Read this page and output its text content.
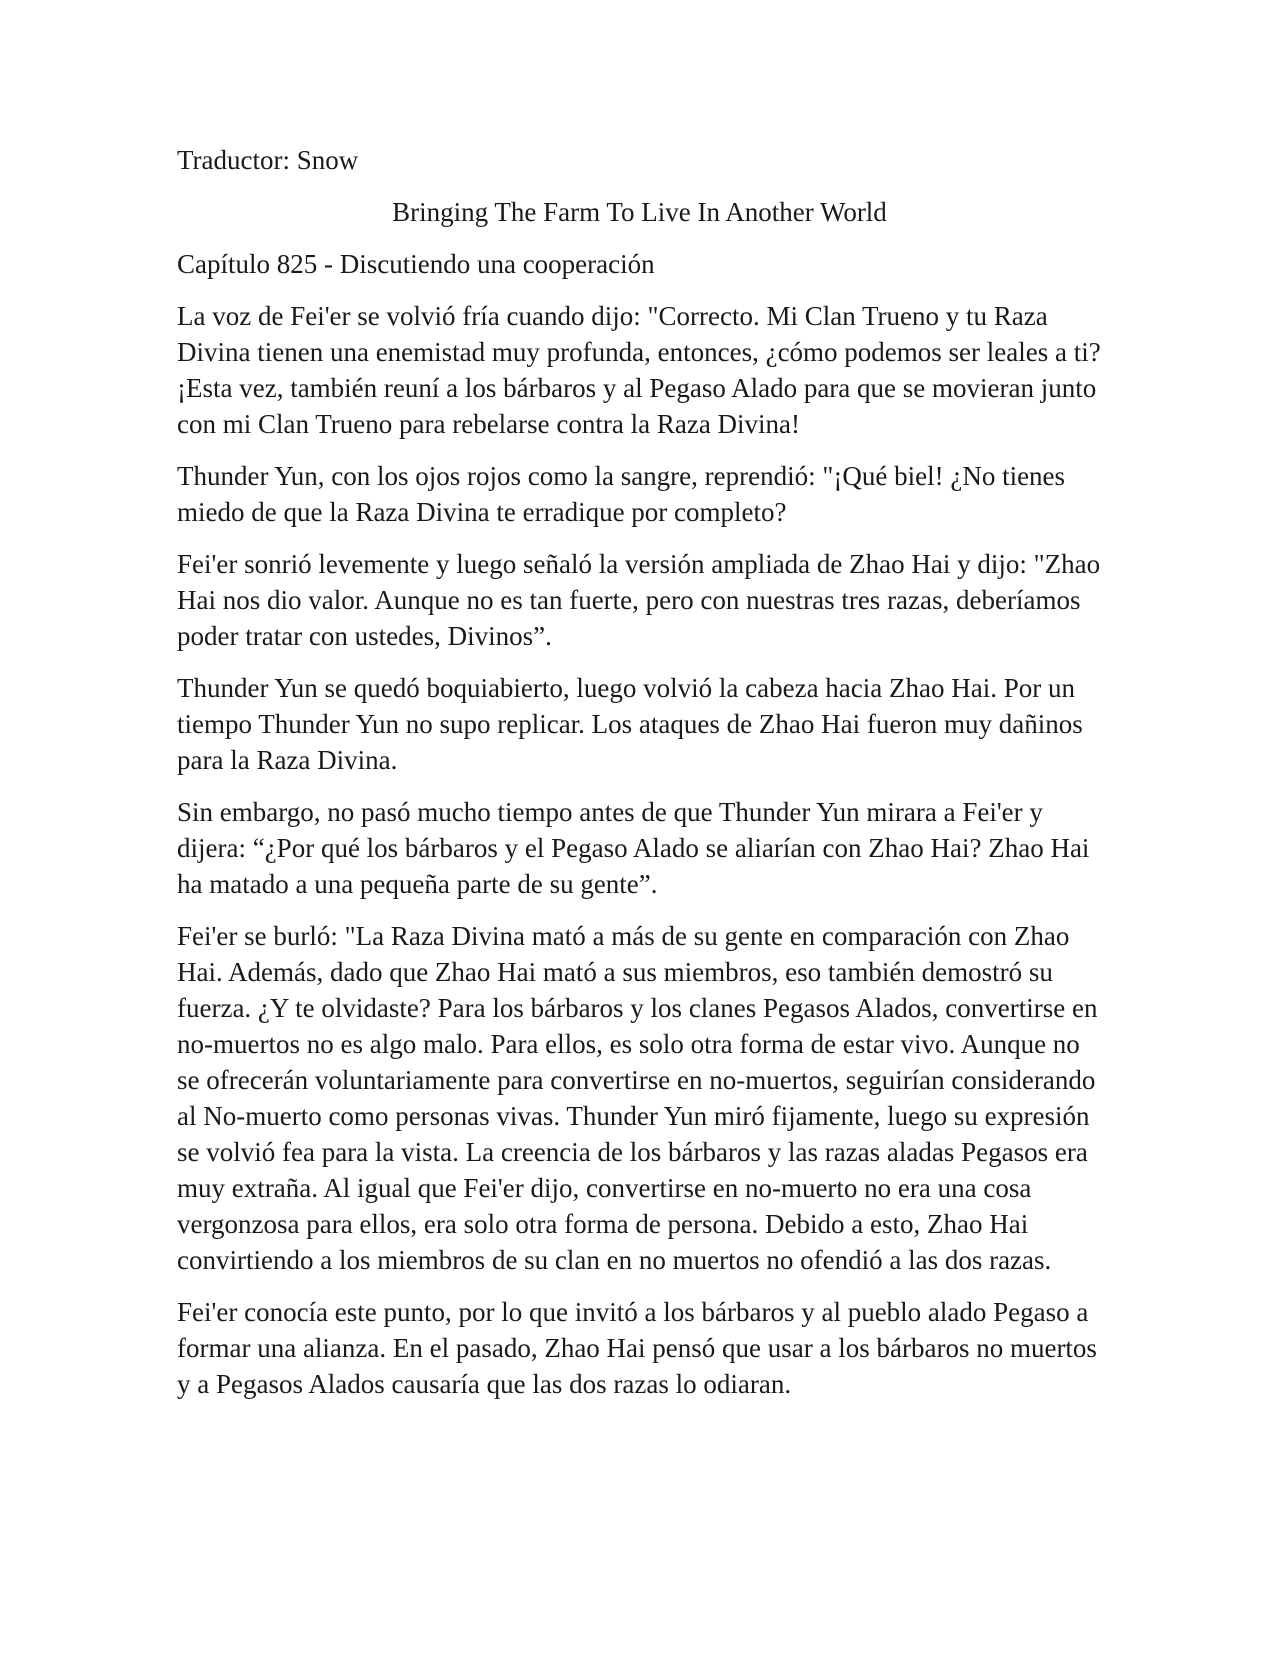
Traductor: Snow

Bringing The Farm To Live In Another World

Capítulo 825 - Discutiendo una cooperación

La voz de Fei'er se volvió fría cuando dijo: "Correcto. Mi Clan Trueno y tu Raza Divina tienen una enemistad muy profunda, entonces, ¿cómo podemos ser leales a ti? ¡Esta vez, también reuní a los bárbaros y al Pegaso Alado para que se movieran junto con mi Clan Trueno para rebelarse contra la Raza Divina!

Thunder Yun, con los ojos rojos como la sangre, reprendió: "¡Qué biel! ¿No tienes miedo de que la Raza Divina te erradique por completo?

Fei'er sonrió levemente y luego señaló la versión ampliada de Zhao Hai y dijo: "Zhao Hai nos dio valor. Aunque no es tan fuerte, pero con nuestras tres razas, deberíamos poder tratar con ustedes, Divinos”.

Thunder Yun se quedó boquiabierto, luego volvió la cabeza hacia Zhao Hai. Por un tiempo Thunder Yun no supo replicar. Los ataques de Zhao Hai fueron muy dañinos para la Raza Divina.

Sin embargo, no pasó mucho tiempo antes de que Thunder Yun mirara a Fei'er y dijera: “¿Por qué los bárbaros y el Pegaso Alado se aliarían con Zhao Hai? Zhao Hai ha matado a una pequeña parte de su gente”.

Fei'er se burló: "La Raza Divina mató a más de su gente en comparación con Zhao Hai. Además, dado que Zhao Hai mató a sus miembros, eso también demostró su fuerza. ¿Y te olvidaste? Para los bárbaros y los clanes Pegasos Alados, convertirse en no-muertos no es algo malo. Para ellos, es solo otra forma de estar vivo. Aunque no se ofrecerán voluntariamente para convertirse en no-muertos, seguirían considerando al No-muerto como personas vivas. Thunder Yun miró fijamente, luego su expresión se volvió fea para la vista. La creencia de los bárbaros y las razas aladas Pegasos era muy extraña. Al igual que Fei'er dijo, convertirse en no-muerto no era una cosa vergonzosa para ellos, era solo otra forma de persona. Debido a esto, Zhao Hai convirtiendo a los miembros de su clan en no muertos no ofendió a las dos razas.

Fei'er conocía este punto, por lo que invitó a los bárbaros y al pueblo alado Pegaso a formar una alianza. En el pasado, Zhao Hai pensó que usar a los bárbaros no muertos y a Pegasos Alados causaría que las dos razas lo odiaran.
